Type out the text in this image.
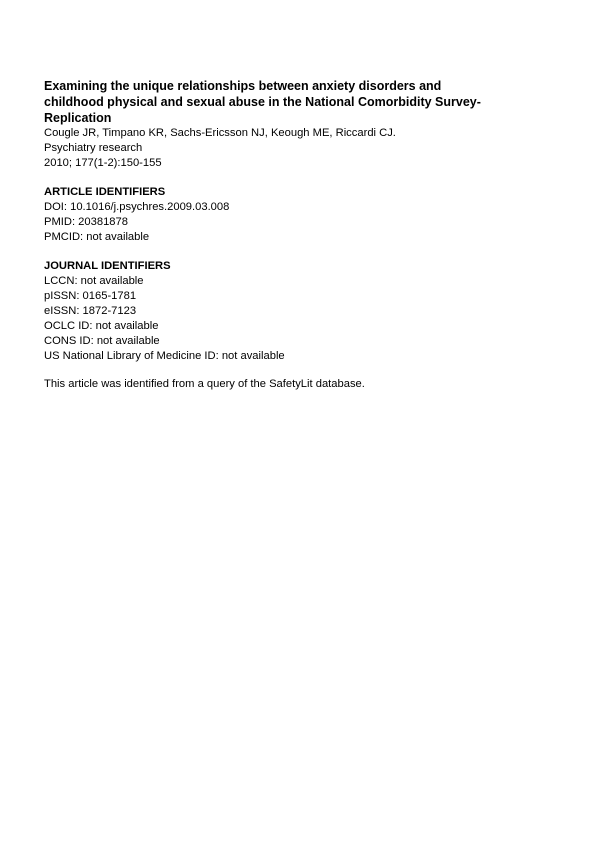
Examining the unique relationships between anxiety disorders and
childhood physical and sexual abuse in the National Comorbidity Survey-
Replication

Cougle JR, Timpano KR, Sachs-Ericsson NJ, Keough ME, Riccardi CJ.

Psychiatry research

2010; 177(1-2):150-155

ARTICLE IDENTIFIERS

DOI: 10.1016/j.psychres.2009.03.008

PMID: 20381878

PMCID: not available

JOURNAL IDENTIFIERS

LCCN: not available

pISSN: 0165-1781

eISSN: 1872-7123

OCLC ID: not available

CONS ID: not available

US National Library of Medicine ID: not available

This article was identified from a query of the SafetyLit database.
